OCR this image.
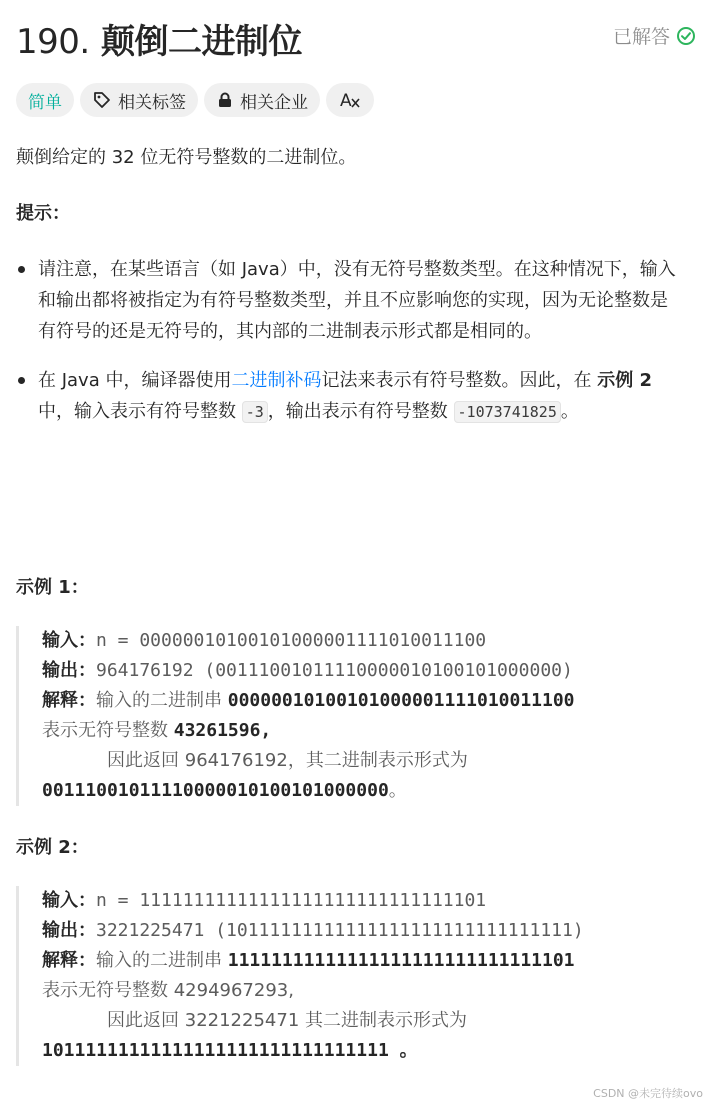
190. 颠倒二进制位	已解答
简单	相关标签	相关企业 A

颠倒给定的 32 位无符号整数的二进制位。

提示：
请注意，在某些语言（如 Java）中，没有无符号整数类型。在这种情况下，输入和输出都将被指定为有符号整数类型，并且不应影响您的实现，因为无论整数是有符号的还是无符号的，其内部的二进制表示形式都是相同的。
在 Java 中，编译器使用二进制补码记法来表示有符号整数。因此，在 示例 2 中，输入表示有符号整数 -3 ，输出表示有符号整数 -1073741825 。
示例 1：
输入：n = 00000010100101000001111010011100
输出：964176192 (00111001011110000010100101000000)
解释：输入的二进制串 00000010100101000001111010011100
表示无符号整数 43261596,
因此返回 964176192，其二进制表示形式为
00111001011110000010100101000000。
示例 2：
输入：n = 11111111111111111111111111111101
输出：3221225471 (10111111111111111111111111111111)
解释：输入的二进制串 11111111111111111111111111111101
表示无符号整数 4294967293,
因此返回 3221225471 其二进制表示形式为
10111111111111111111111111111111 。
CSDN @未完待续ovo
